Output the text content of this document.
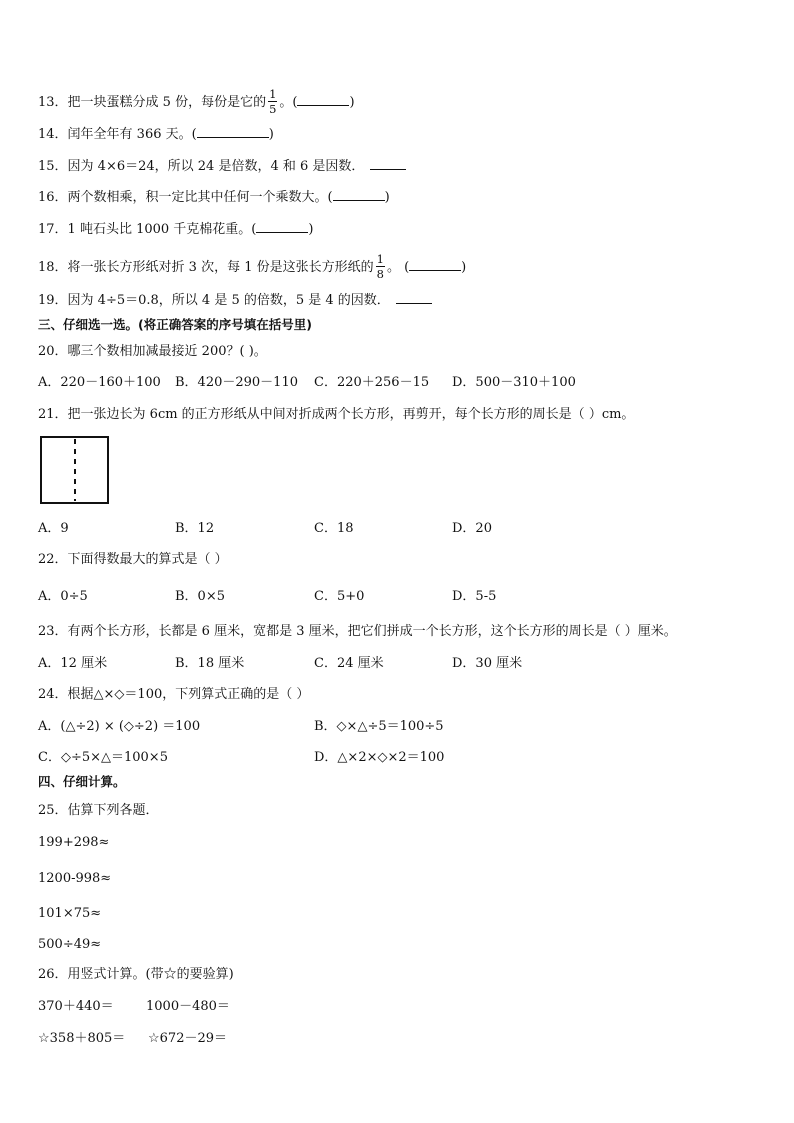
13．把一块蛋糕分成 5 份，每份是它的 $\frac{1}{5}$ 。(	)
14．闰年全年有 366 天。(	)
15．因为 4×6＝24，所以 24 是倍数，4 和 6 是因数．
16．两个数相乘，积一定比其中任何一个乘数大。(	)
17．1 吨石头比 1000 千克棉花重。(	)
18．将一张长方形纸对折 3 次，每 1 份是这张长方形纸的 $\frac{1}{8}$ 。 (	)
19．因为 4÷5＝0.8，所以 4 是 5 的倍数，5 是 4 的因数．
三、仔细选一选。(将正确答案的序号填在括号里)
20．哪三个数相加减最接近 200？( )。
A．220－160＋100 B．420－290－110 C．220＋256－15 D．500－310＋100
21．把一张边长为 6cm 的正方形纸从中间对折成两个长方形，再剪开，每个长方形的周长是（ ）cm。
A．9	B．12	C．18	D．20
22．下面得数最大的算式是（ ）
A．0÷5	B．0×5	C．5+0	D．5-5
23．有两个长方形，长都是 6 厘米，宽都是 3 厘米，把它们拼成一个长方形，这个长方形的周长是（ ）厘米。
A．12 厘米	B．18 厘米	C．24 厘米	D．30 厘米
24．根据△×◇＝100，下列算式正确的是（ ）
A．(△÷2) × (◇÷2) ＝100	B．◇×△÷5＝100÷5
C．◇÷5×△＝100×5	D．△×2×◇×2＝100
四、仔细计算。
25．估算下列各题．
199+298≈
1200-998≈
101×75≈
500÷49≈
26．用竖式计算。(带☆的要验算)
370＋440＝ 1000－480＝
☆358＋805＝ ☆672－29＝
